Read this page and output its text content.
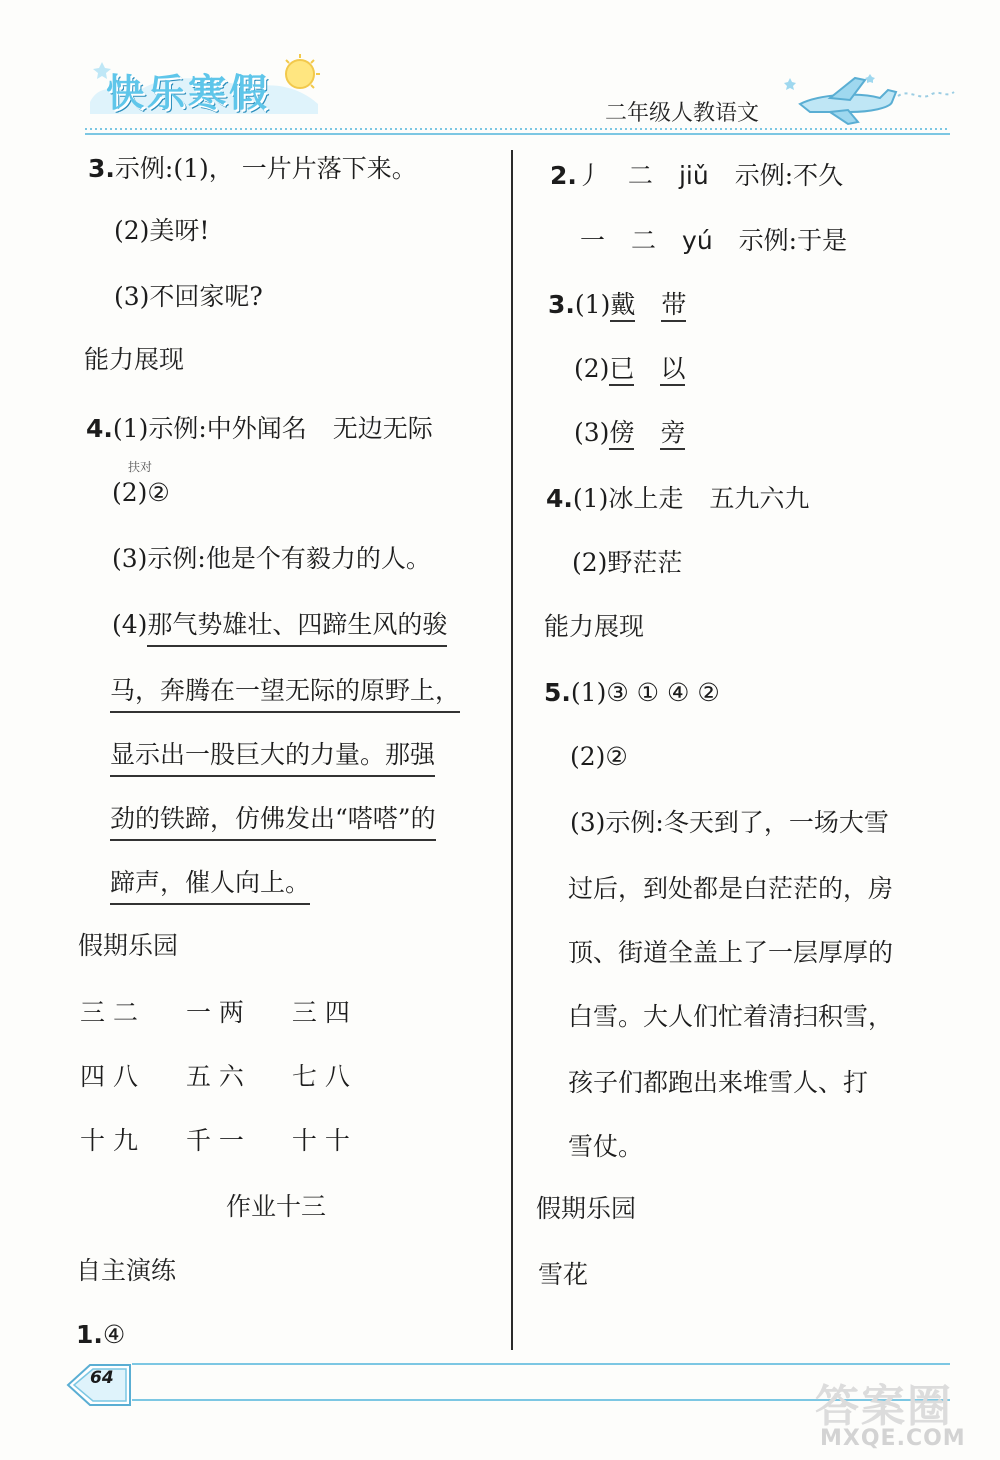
快乐寒假	二年级人教语文
3.示例:(1)， 一片片落下来。
(2)美呀!
(3)不回家呢?
能力展现
4.(1)示例:中外闻名 无边无际
扶对
(2)②
(3)示例:他是个有毅力的人。
(4)那气势雄壮、四蹄生风的骏
马，奔腾在一望无际的原野上，
显示出一股巨大的力量。那强
劲的铁蹄，仿佛发出“嗒嗒”的
蹄声，催人向上。
假期乐园
三 二 一 两 三 四
四 八 五 六 七 八
十 九 千 一 十 十
作业十三
自主演练
1.④
2.丿 二 jiǔ 示例:不久
一 二 yú 示例:于是
3.(1)戴 带
(2)已 以
(3)傍 旁
4.(1)冰上走 五九六九
(2)野茫茫
能力展现
5.(1)③ ① ④ ②
(2)②
(3)示例:冬天到了，一场大雪
过后，到处都是白茫茫的，房
顶、街道全盖上了一层厚厚的
白雪。大人们忙着清扫积雪，
孩子们都跑出来堆雪人、打
雪仗。
假期乐园
雪花
64
答案圈
MXQE.COM
